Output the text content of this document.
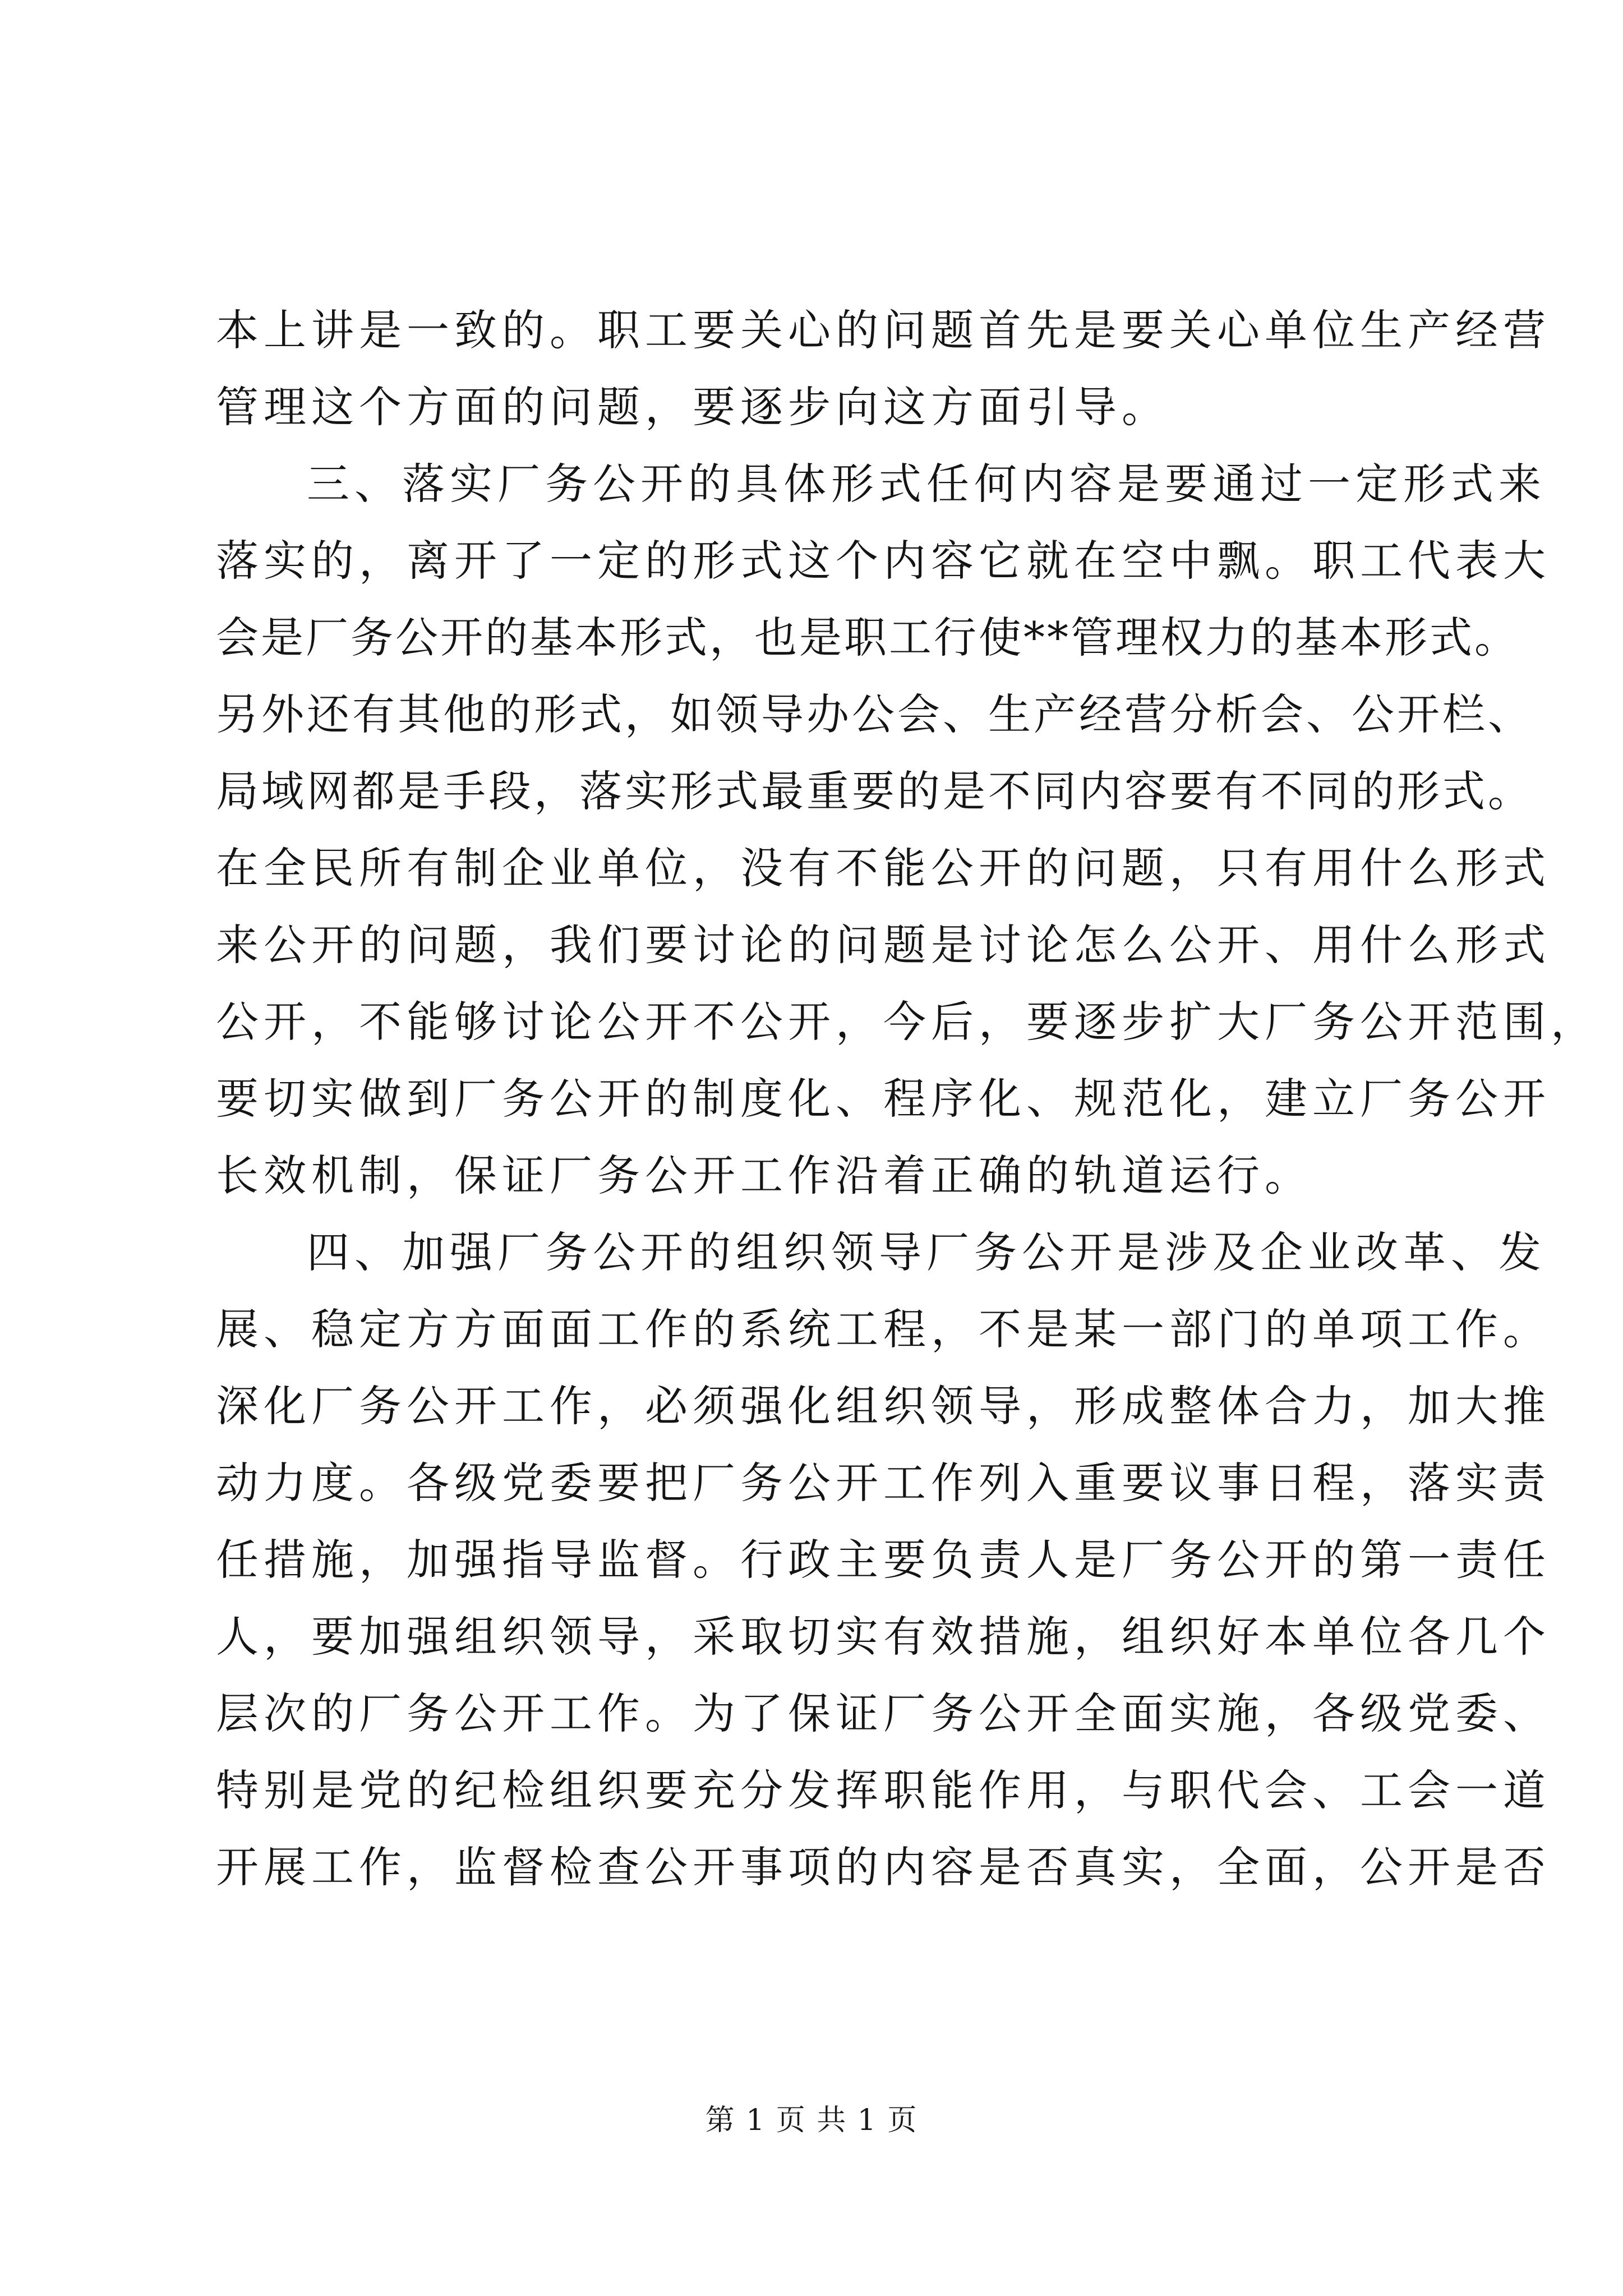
本上讲是一致的。职工要关心的问题首先是要关心单位生产经营
管理这个方面的问题，要逐步向这方面引导。
三、落实厂务公开的具体形式任何内容是要通过一定形式来
落实的，离开了一定的形式这个内容它就在空中飘。职工代表大
会是厂务公开的基本形式，也是职工行使**管理权力的基本形式。
另外还有其他的形式，如领导办公会、生产经营分析会、公开栏、
局域网都是手段，落实形式最重要的是不同内容要有不同的形式。
在全民所有制企业单位，没有不能公开的问题，只有用什么形式
来公开的问题，我们要讨论的问题是讨论怎么公开、用什么形式
公开，不能够讨论公开不公开，今后，要逐步扩大厂务公开范围，
要切实做到厂务公开的制度化、程序化、规范化，建立厂务公开
长效机制，保证厂务公开工作沿着正确的轨道运行。
四、加强厂务公开的组织领导厂务公开是涉及企业改革、发
展、稳定方方面面工作的系统工程，不是某一部门的单项工作。
深化厂务公开工作，必须强化组织领导，形成整体合力，加大推
动力度。各级党委要把厂务公开工作列入重要议事日程，落实责
任措施，加强指导监督。行政主要负责人是厂务公开的第一责任
人，要加强组织领导，采取切实有效措施，组织好本单位各几个
层次的厂务公开工作。为了保证厂务公开全面实施，各级党委、
特别是党的纪检组织要充分发挥职能作用，与职代会、工会一道
开展工作，监督检查公开事项的内容是否真实，全面，公开是否
第 1 页 共 1 页
